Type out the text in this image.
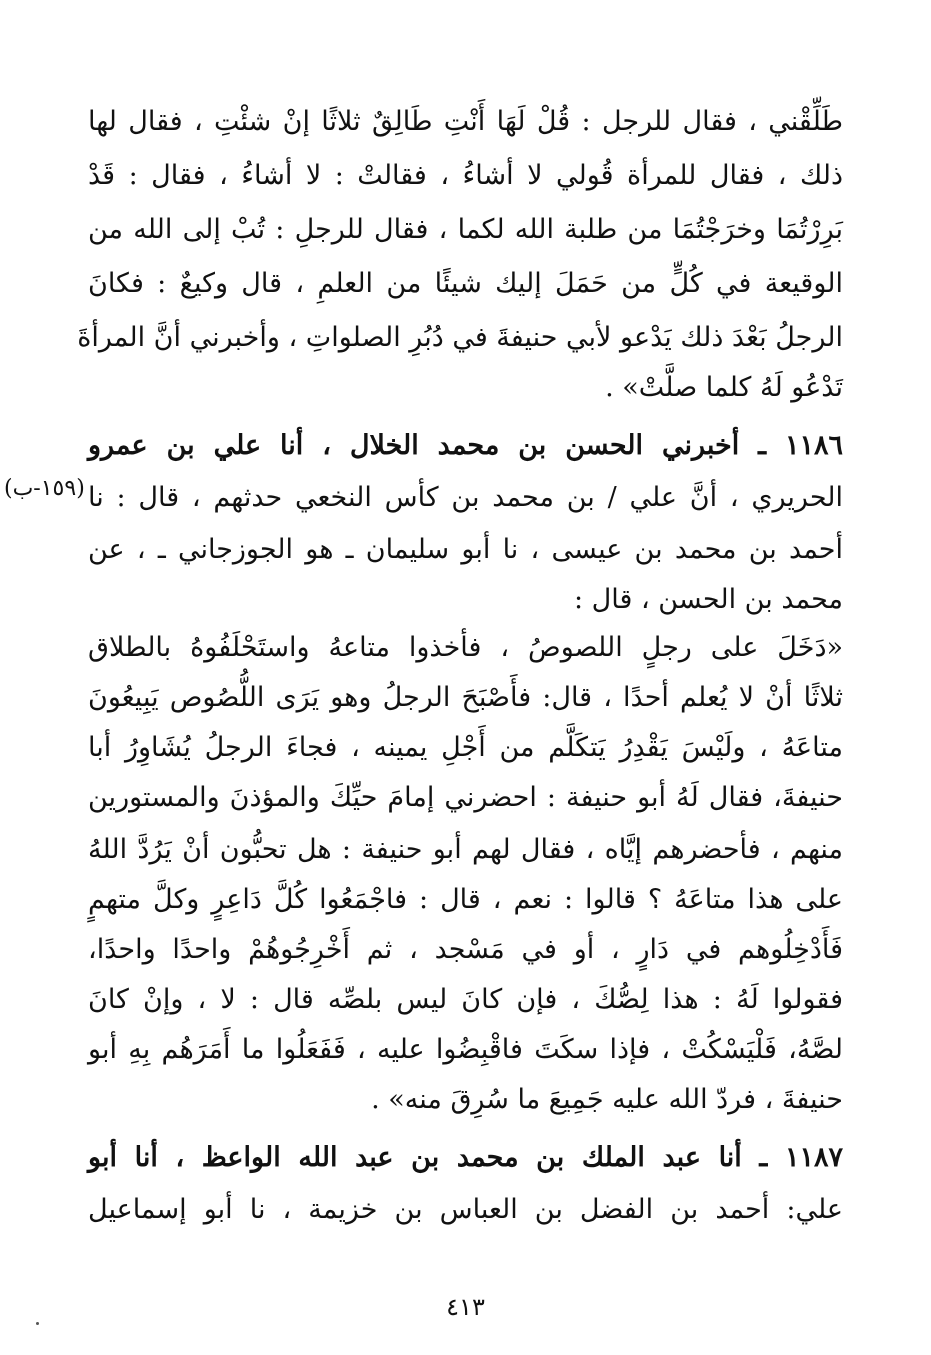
طَلِّقْني ، فقال للرجل : قُلْ لَهَا أَنْتِ طَالِقٌ ثلاثًا إنْ شئْتِ ، فقال لها
ذلك ، فقال للمرأة قُولي لا أشاءُ ، فقالتْ : لا أشاءُ ، فقال : قَدْ
بَرِرْتُمَا وخرَجْتُمَا من طلبة الله لكما ، فقال للرجلِ : تُبْ إلى الله من
الوقيعة في كُلٍّ من حَمَلَ إليك شيئًا من العلمِ ، قال وكيعٌ : فكانَ
الرجلُ بَعْدَ ذلك يَدْعو لأبي حنيفةَ في دُبُرِ الصلواتِ ، وأخبرني أنَّ المرأةَ
تَدْعُو لَهُ كلما صلَّتْ» .
١١٨٦ ـ أخبرني الحسن بن محمد الخلال ، أنا علي بن عمرو
الحريري ، أنَّ علي / بن محمد بن كأس النخعي حدثهم ، قال : نا
أحمد بن محمد بن عيسى ، نا أبو سليمان ـ هو الجوزجاني ـ ، عن
محمد بن الحسن ، قال :
«دَخَلَ على رجلٍ اللصوصُ ، فأخذوا متاعهُ واستَحْلَفُوهُ بالطلاق
ثلاثًا أنْ لا يُعلم أحدًا ، قال: فأَصْبَحَ الرجلُ وهو يَرَى اللُّصُوص يَبِيعُونَ
متاعَهُ ، ولَيْسَ يَقْدِرُ يَتكَلَّم من أَجْلِ يمينه ، فجاءَ الرجلُ يُشَاوِرُ أبا
حنيفةَ، فقال لَهُ أبو حنيفة : احضرني إمامَ حيِّكَ والمؤذنَ والمستورين
منهم ، فأحضرهم إيَّاه ، فقال لهم أبو حنيفة : هل تحبُّون أنْ يَرُدَّ اللهُ
على هذا متاعَهُ ؟ قالوا : نعم ، قال : فاجْمَعُوا كُلَّ دَاعِرٍ وكلَّ متهمٍ
فَأَدْخِلُوهم في دَارٍ ، أو في مَسْجد ، ثم أَخْرِجُوهُمْ واحدًا واحدًا،
فقولوا لَهُ : هذا لِصُّكَ ، فإن كانَ ليس بلصِّه قال : لا ، وإنْ كانَ
لصَّهُ، فَلْيَسْكُتْ ، فإذا سكَتَ فاقْبِضُوا عليه ، فَفَعَلُوا ما أَمَرَهُم بِهِ أبو
حنيفةَ ، فردّ الله عليه جَمِيعَ ما سُرِقَ منه» .
١١٨٧ ـ أنا عبد الملك بن محمد بن عبد الله الواعظ ، أنا أبو
علي: أحمد بن الفضل بن العباس بن خزيمة ، نا أبو إسماعيل
(١٥٩-ب)
٤١٣
